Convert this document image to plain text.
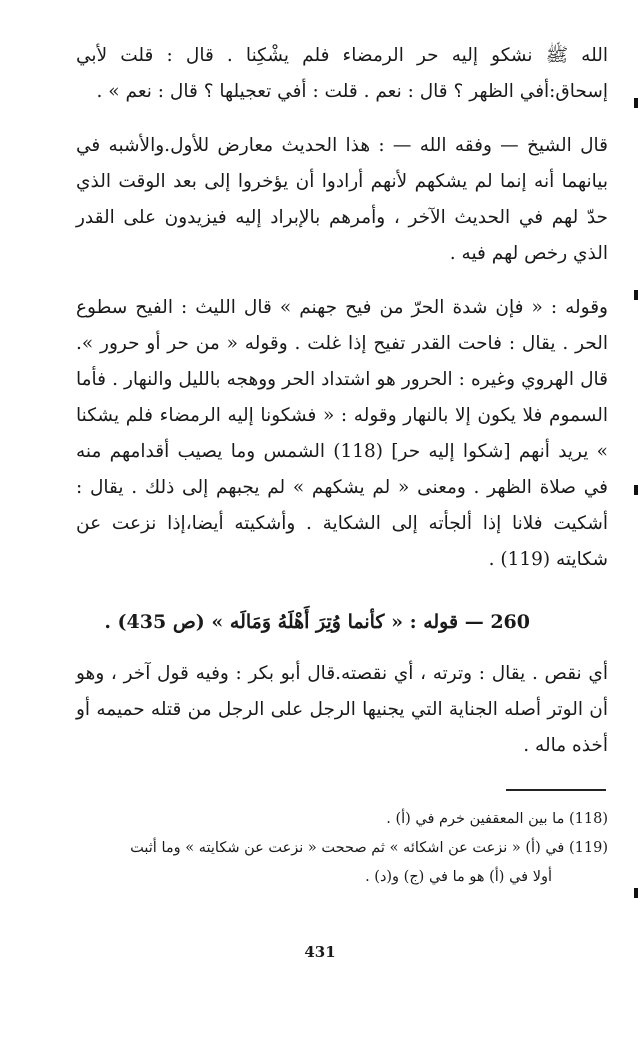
الله ﷺ نشكو إليه حر الرمضاء فلم يشْكِنا . قال : قلت لأبي إسحاق:أفي الظهر ؟ قال : نعم . قلت : أفي تعجيلها ؟ قال : نعم » .

قال الشيخ — وفقه الله — : هذا الحديث معارض للأول.والأشبه في بيانهما أنه إنما لم يشكهم لأنهم أرادوا أن يؤخروا إلى بعد الوقت الذي حدّ لهم في الحديث الآخر ، وأمرهم بالإبراد إليه فيزيدون على القدر الذي رخص لهم فيه .

وقوله : « فإن شدة الحرّ من فيح جهنم » قال الليث : الفيح سطوع الحر . يقال : فاحت القدر تفيح إذا غلت . وقوله « من حر أو حرور ». قال الهروي وغيره : الحرور هو اشتداد الحر ووهجه بالليل والنهار . فأما السموم فلا يكون إلا بالنهار وقوله : « فشكونا إليه الرمضاء فلم يشكنا » يريد أنهم [شكوا إليه حر] (118) الشمس وما يصيب أقدامهم منه في صلاة الظهر . ومعنى « لم يشكهم » لم يجبهم إلى ذلك . يقال : أشكيت فلانا إذا ألجأته إلى الشكاية . وأشكيته أيضا،إذا نزعت عن شكايته (119) .

260 — قوله : « كأنما وُتِرَ أَهْلَهُ وَمَالَه » (ص 435) .

أي نقص . يقال : وترته ، أي نقصته.قال أبو بكر : وفيه قول آخر ، وهو أن الوتر أصله الجناية التي يجنيها الرجل على الرجل من قتله حميمه أو أخذه ماله .

(118) ما بين المعقفين خرم في (أ) .

(119) في (أ) « نزعت عن اشكائه » ثم صححت « نزعت عن شكايته » وما أثبت

أولا في (أ) هو ما في (ج) و(د) .

431
